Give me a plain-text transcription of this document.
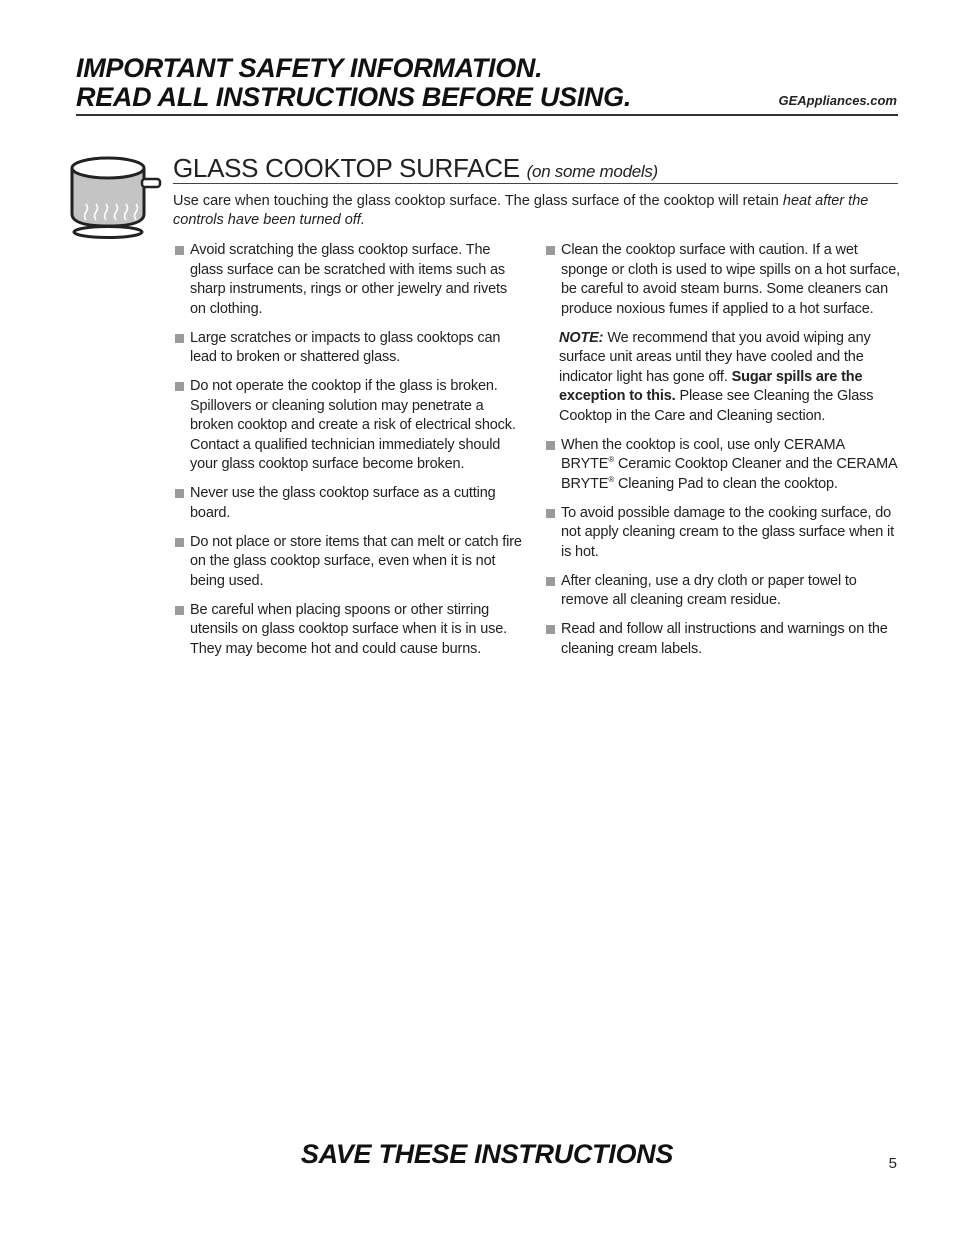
IMPORTANT SAFETY INFORMATION.
READ ALL INSTRUCTIONS BEFORE USING.	GEAppliances.com
GLASS COOKTOP SURFACE (on some models)
Use care when touching the glass cooktop surface. The glass surface of the cooktop will retain heat after the controls have been turned off.
Avoid scratching the glass cooktop surface. The glass surface can be scratched with items such as sharp instruments, rings or other jewelry and rivets on clothing.
Large scratches or impacts to glass cooktops can lead to broken or shattered glass.
Do not operate the cooktop if the glass is broken. Spillovers or cleaning solution may penetrate a broken cooktop and create a risk of electrical shock. Contact a qualified technician immediately should your glass cooktop surface become broken.
Never use the glass cooktop surface as a cutting board.
Do not place or store items that can melt or catch fire on the glass cooktop surface, even when it is not being used.
Be careful when placing spoons or other stirring utensils on glass cooktop surface when it is in use. They may become hot and could cause burns.
Clean the cooktop surface with caution. If a wet sponge or cloth is used to wipe spills on a hot surface, be careful to avoid steam burns. Some cleaners can produce noxious fumes if applied to a hot surface.
NOTE: We recommend that you avoid wiping any surface unit areas until they have cooled and the indicator light has gone off. Sugar spills are the exception to this. Please see Cleaning the Glass Cooktop in the Care and Cleaning section.
When the cooktop is cool, use only CERAMA BRYTE® Ceramic Cooktop Cleaner and the CERAMA BRYTE® Cleaning Pad to clean the cooktop.
To avoid possible damage to the cooking surface, do not apply cleaning cream to the glass surface when it is hot.
After cleaning, use a dry cloth or paper towel to remove all cleaning cream residue.
Read and follow all instructions and warnings on the cleaning cream labels.
SAVE THESE INSTRUCTIONS	5
